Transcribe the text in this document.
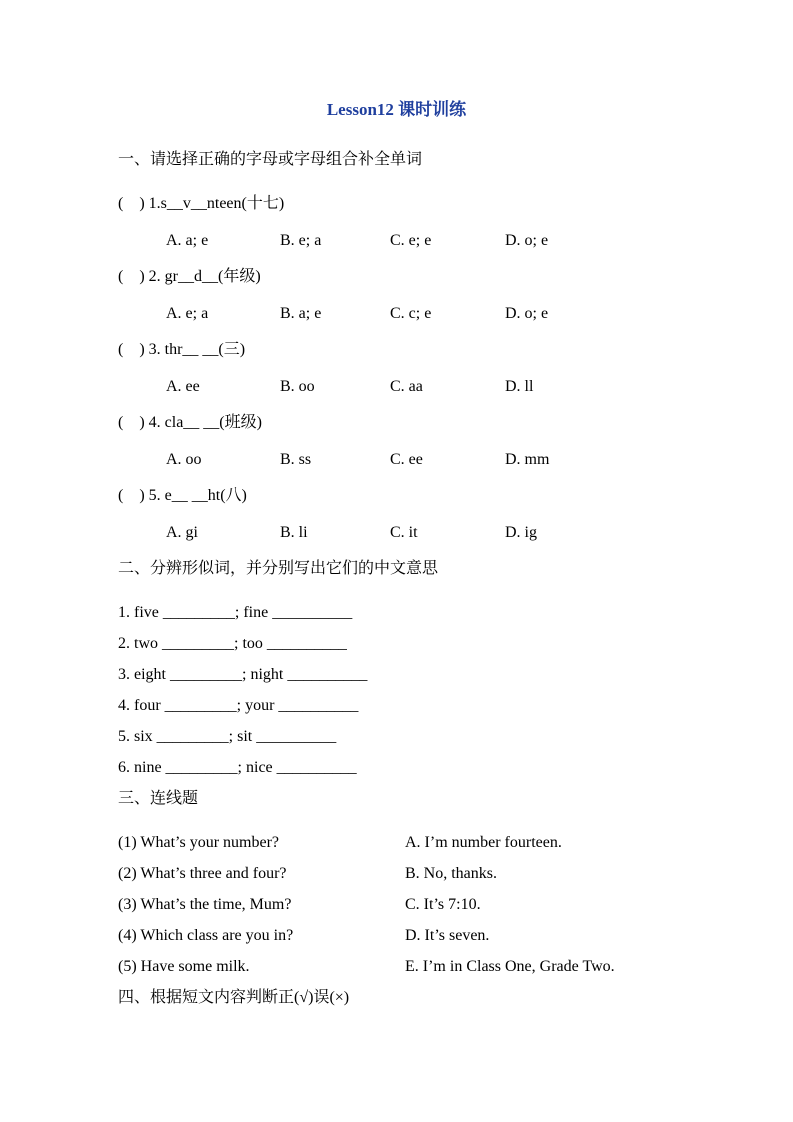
Lesson12 课时训练

一、请选择正确的字母或字母组合补全单词

(　) 1.s__v__nteen(十七)

A. a; e	B. e; a	C. e; e	D. o; e

(　) 2. gr__d__(年级)

A. e; a	B. a; e	C. c; e	D. o; e

(　) 3. thr__ __(三)

A. ee	B. oo	C. aa	D. ll

(　) 4. cla__ __(班级)

A. oo	B. ss	C. ee	D. mm

(　) 5. e__ __ht(八)

A. gi	B. li	C. it	D. ig

二、分辨形似词，并分别写出它们的中文意思

1. five _________; fine __________

2. two _________; too __________

3. eight _________; night __________

4. four _________; your __________

5. six _________; sit __________

6. nine _________; nice __________

三、连线题

(1) What’s your number?	A. I’m number fourteen.
(2) What’s three and four?	B. No, thanks.
(3) What’s the time, Mum?	C. It’s 7:10.
(4) Which class are you in?	D. It’s seven.
(5) Have some milk.	E. I’m in Class One, Grade Two.

四、根据短文内容判断正(√)误(×)
